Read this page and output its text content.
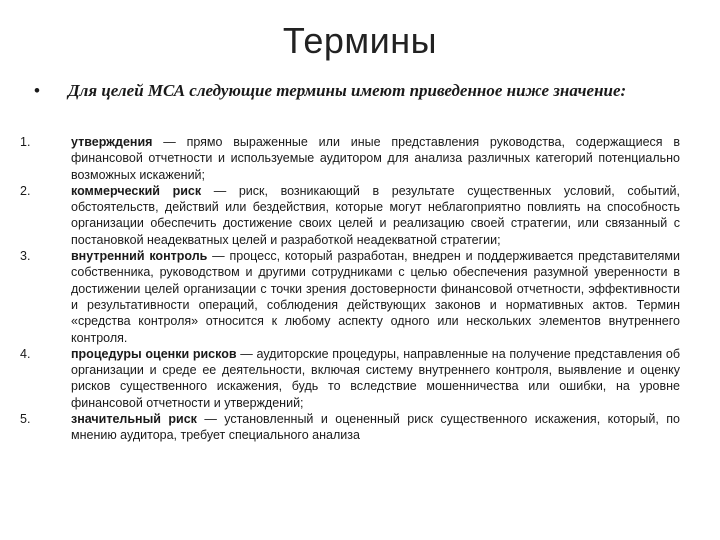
Термины
• Для целей МСА следующие термины имеют приведенное ниже значение:
1.	утверждения — прямо выраженные или иные представления руководства, содержащиеся в финансовой отчетности и используемые аудитором для анализа различных категорий потенциально возможных искажений;
2.	коммерческий риск — риск, возникающий в результате существенных условий, событий, обстоятельств, действий или бездействия, которые могут неблагоприятно повлиять на способность организации обеспечить достижение своих целей и реализацию своей стратегии, или связанный с постановкой неадекватных целей и разработкой неадекватной стратегии;
3.	внутренний контроль — процесс, который разработан, внедрен и поддерживается представителями собственника, руководством и другими сотрудниками с целью обеспечения разумной уверенности в достижении целей организации с точки зрения достоверности финансовой отчетности, эффективности и результативности операций, соблюдения действующих законов и нормативных актов. Термин «средства контроля» относится к любому аспекту одного или нескольких элементов внутреннего контроля.
4.	процедуры оценки рисков — аудиторские процедуры, направленные на получение представления об организации и среде ее деятельности, включая систему внутреннего контроля, выявление и оценку рисков существенного искажения, будь то вследствие мошенничества или ошибки, на уровне финансовой отчетности и утверждений;
5.	значительный риск — установленный и оцененный риск существенного искажения, который, по мнению аудитора, требует специального анализа
